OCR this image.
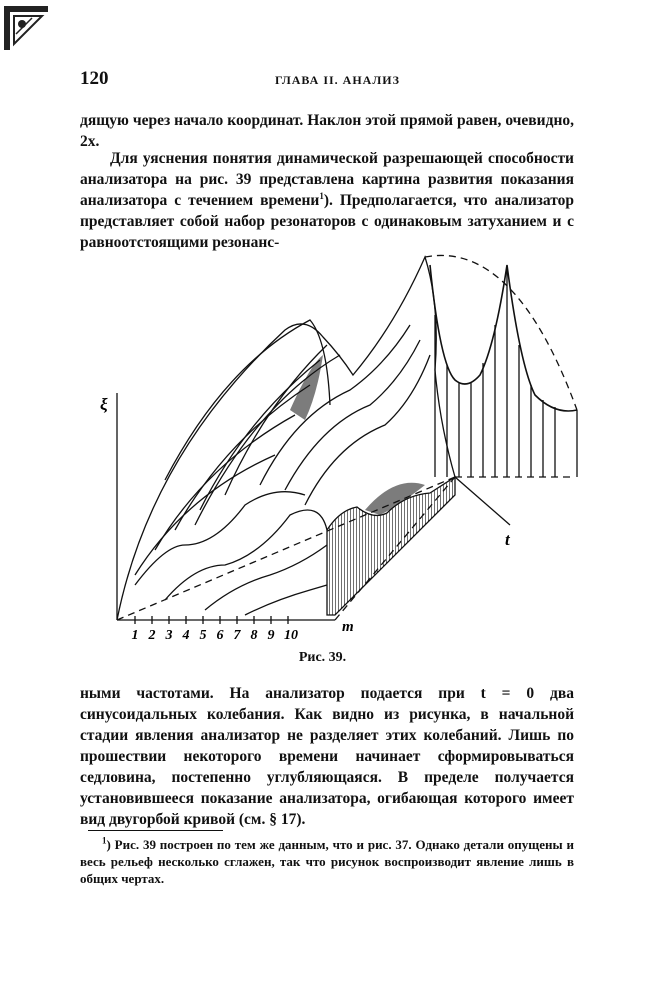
120	ГЛАВА II. АНАЛИЗ

дящую через начало координат. Наклон этой прямой равен, очевидно, 2x.

Для уяснения понятия динамической разрешающей способности анализатора на рис. 39 представлена картина развития показания анализатора с течением времени$^1$). Предполагается, что анализатор представляет собой набор резонаторов с одинаковым затуханием и с равноотстоящими резонанс-

ξ
t
m
1 2 3 4 5 6 7 8 9 10
Рис. 39.

ными частотами. На анализатор подается при t = 0 два синусоидальных колебания. Как видно из рисунка, в начальной стадии явления анализатор не разделяет этих колебаний. Лишь по прошествии некоторого времени начинает сформировываться седловина, постепенно углубляющаяся. В пределе получается установившееся показание анализатора, огибающая которого имеет вид двугорбой кривой (см. § 17).

$^1$) Рис. 39 построен по тем же данным, что и рис. 37. Однако детали опущены и весь рельеф несколько сглажен, так что рисунок воспроизводит явление лишь в общих чертах.
